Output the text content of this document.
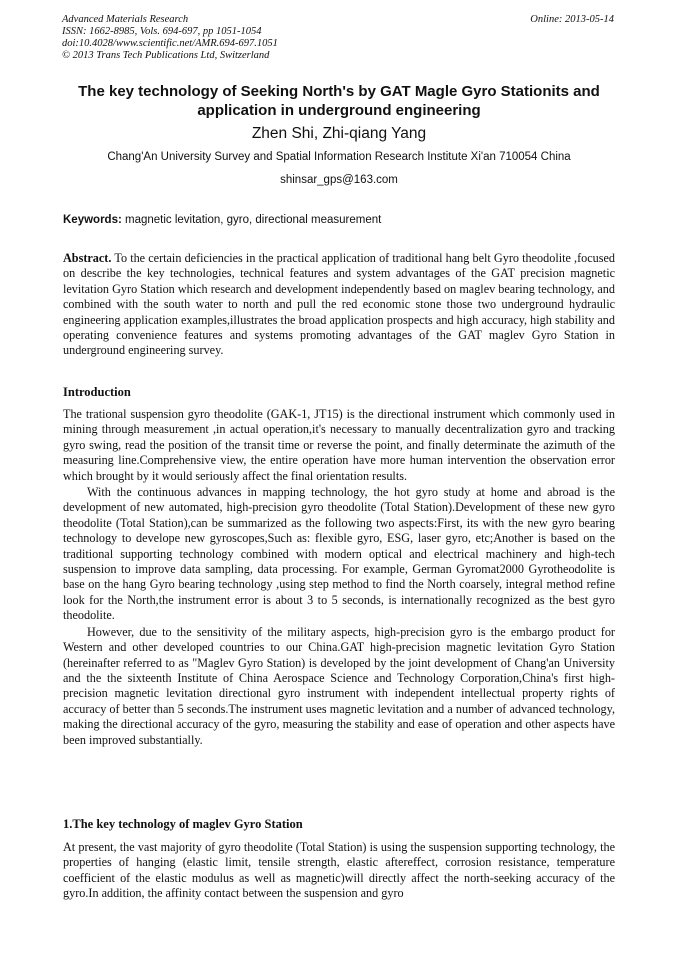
Advanced Materials Research
ISSN: 1662-8985, Vols. 694-697, pp 1051-1054
doi:10.4028/www.scientific.net/AMR.694-697.1051
© 2013 Trans Tech Publications Ltd, Switzerland
Online: 2013-05-14
The key technology of Seeking North's by GAT Magle Gyro Stationits and application in underground engineering
Zhen Shi, Zhi-qiang Yang
Chang'An University Survey and Spatial Information Research Institute Xi'an 710054 China
shinsar_gps@163.com
Keywords: magnetic levitation, gyro, directional measurement

Abstract. To the certain deficiencies in the practical application of traditional hang belt Gyro theodolite ,focused on describe the key technologies, technical features and system advantages of the GAT precision magnetic levitation Gyro Station which research and development independently based on maglev bearing technology, and combined with the south water to north and pull the red economic stone those two underground hydraulic engineering application examples,illustrates the broad application prospects and high accuracy, high stability and operating convenience features and systems promoting advantages of the GAT maglev Gyro Station in underground engineering survey.

Introduction

The trational suspension gyro theodolite (GAK-1, JT15) is the directional instrument which commonly used in mining through measurement ,in actual operation,it's necessary to manually decentralization gyro and tracking gyro swing, read the position of the transit time or reverse the point, and finally determinate the azimuth of the measuring line.Comprehensive view, the entire operation have more human intervention the observation error which brought by it would seriously affect the final orientation results.

With the continuous advances in mapping technology, the hot gyro study at home and abroad is the development of new automated, high-precision gyro theodolite (Total Station).Development of these new gyro theodolite (Total Station),can be summarized as the following two aspects:First, its with the new gyro bearing technology to develope new gyroscopes,Such as: flexible gyro, ESG, laser gyro, etc;Another is based on the traditional supporting technology combined with modern optical and electrical machinery and high-tech suspension to improve data sampling, data processing. For example, German Gyromat2000 Gyrotheodolite is base on the hang Gyro bearing technology ,using step method to find the North coarsely, integral method refine look for the North,the instrument error is about 3 to 5 seconds, is internationally recognized as the best gyro theodolite.

However, due to the sensitivity of the military aspects, high-precision gyro is the embargo product for Western and other developed countries to our China.GAT high-precision magnetic levitation Gyro Station (hereinafter referred to as "Maglev Gyro Station) is developed by the joint development of Chang'an University and the the sixteenth Institute of China Aerospace Science and Technology Corporation,China's first high-precision magnetic levitation directional gyro instrument with independent intellectual property rights of accuracy of better than 5 seconds.The instrument uses magnetic levitation and a number of advanced technology, making the directional accuracy of the gyro, measuring the stability and ease of operation and other aspects have been improved substantially.

1.The key technology of maglev Gyro Station

At present, the vast majority of gyro theodolite (Total Station) is using the suspension supporting technology, the properties of hanging (elastic limit, tensile strength, elastic aftereffect, corrosion resistance, temperature coefficient of the elastic modulus as well as magnetic)will directly affect the north-seeking accuracy of the gyro.In addition, the affinity contact between the suspension and gyro
